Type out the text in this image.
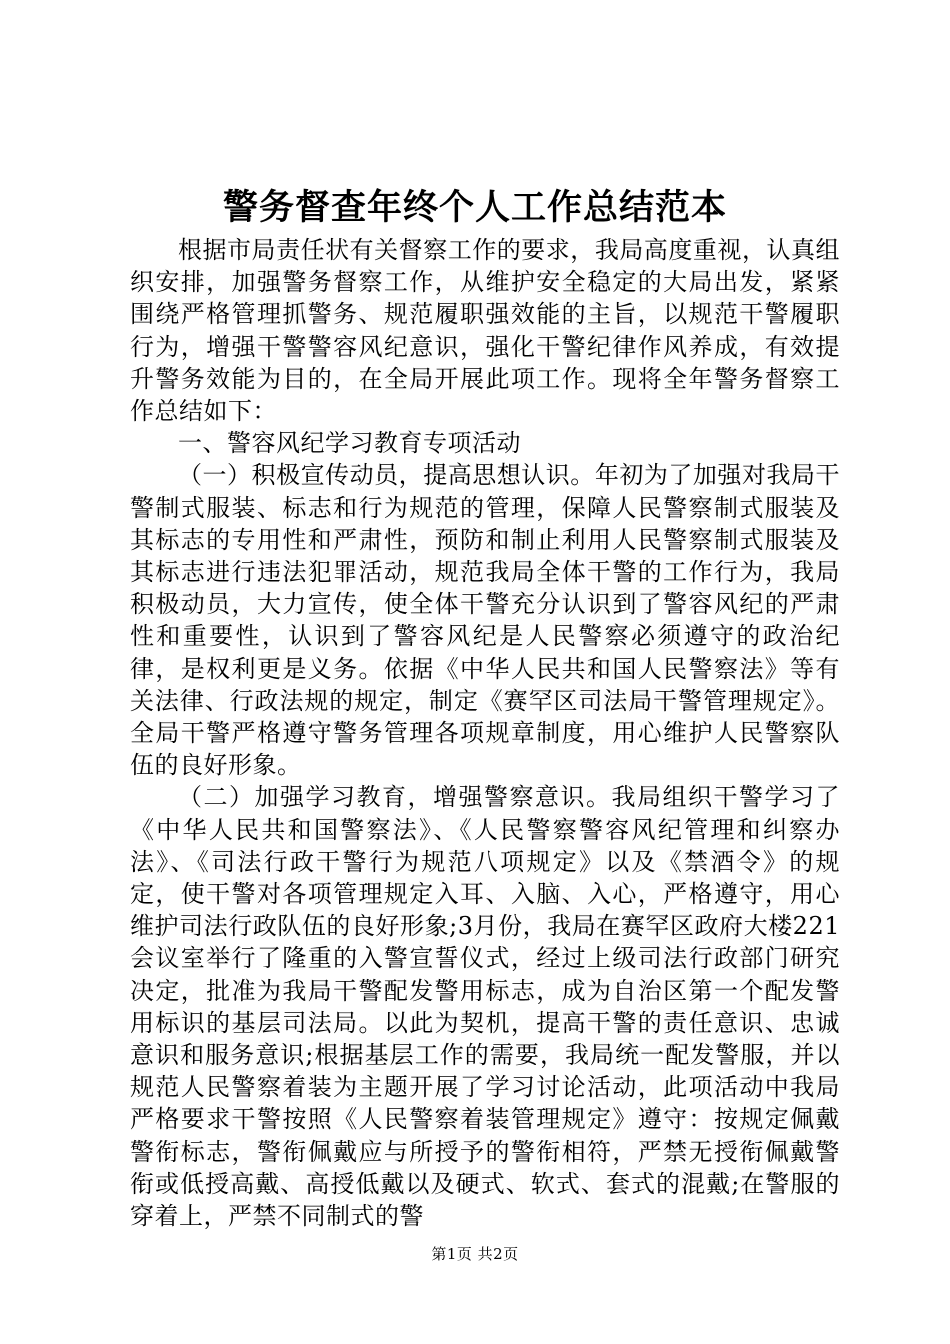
警务督查年终个人工作总结范本

根据市局责任状有关督察工作的要求，我局高度重视，认真组织安排，加强警务督察工作，从维护安全稳定的大局出发，紧紧围绕严格管理抓警务、规范履职强效能的主旨，以规范干警履职行为，增强干警警容风纪意识，强化干警纪律作风养成，有效提升警务效能为目的，在全局开展此项工作。现将全年警务督察工作总结如下：

一、警容风纪学习教育专项活动

（一）积极宣传动员，提高思想认识。年初为了加强对我局干警制式服装、标志和行为规范的管理，保障人民警察制式服装及其标志的专用性和严肃性，预防和制止利用人民警察制式服装及其标志进行违法犯罪活动，规范我局全体干警的工作行为，我局积极动员，大力宣传，使全体干警充分认识到了警容风纪的严肃性和重要性，认识到了警容风纪是人民警察必须遵守的政治纪律，是权利更是义务。依据《中华人民共和国人民警察法》等有关法律、行政法规的规定，制定《赛罕区司法局干警管理规定》。全局干警严格遵守警务管理各项规章制度，用心维护人民警察队伍的良好形象。

（二）加强学习教育，增强警察意识。我局组织干警学习了《中华人民共和国警察法》、《人民警察警容风纪管理和纠察办法》、《司法行政干警行为规范八项规定》以及《禁酒令》的规定，使干警对各项管理规定入耳、入脑、入心，严格遵守，用心维护司法行政队伍的良好形象;3月份，我局在赛罕区政府大楼221会议室举行了隆重的入警宣誓仪式，经过上级司法行政部门研究决定，批准为我局干警配发警用标志，成为自治区第一个配发警用标识的基层司法局。以此为契机，提高干警的责任意识、忠诚意识和服务意识;根据基层工作的需要，我局统一配发警服，并以规范人民警察着装为主题开展了学习讨论活动，此项活动中我局严格要求干警按照《人民警察着装管理规定》遵守：按规定佩戴警衔标志，警衔佩戴应与所授予的警衔相符，严禁无授衔佩戴警衔或低授高戴、高授低戴以及硬式、软式、套式的混戴;在警服的穿着上，严禁不同制式的警

第1页 共2页
